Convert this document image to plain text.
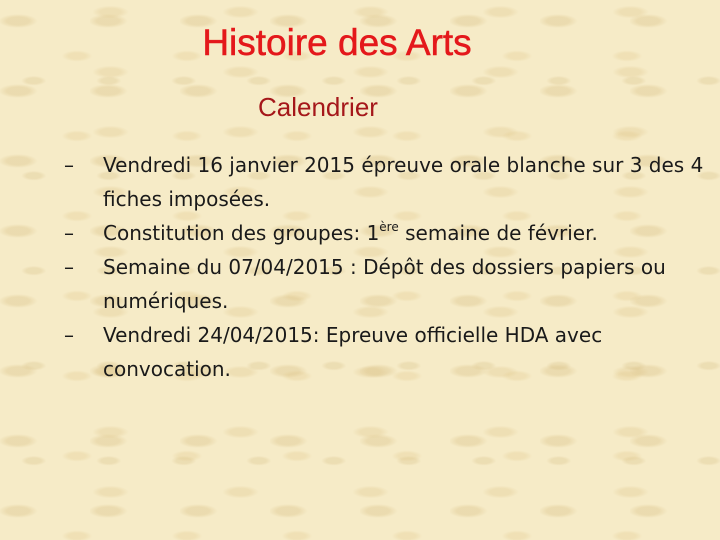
Histoire des Arts
Calendrier
– Vendredi 16 janvier 2015 épreuve orale blanche sur 3 des 4 fiches imposées.
– Constitution des groupes: 1ère semaine de février.
– Semaine du 07/04/2015 : Dépôt des dossiers papiers ou numériques.
– Vendredi 24/04/2015: Epreuve officielle HDA avec convocation.
